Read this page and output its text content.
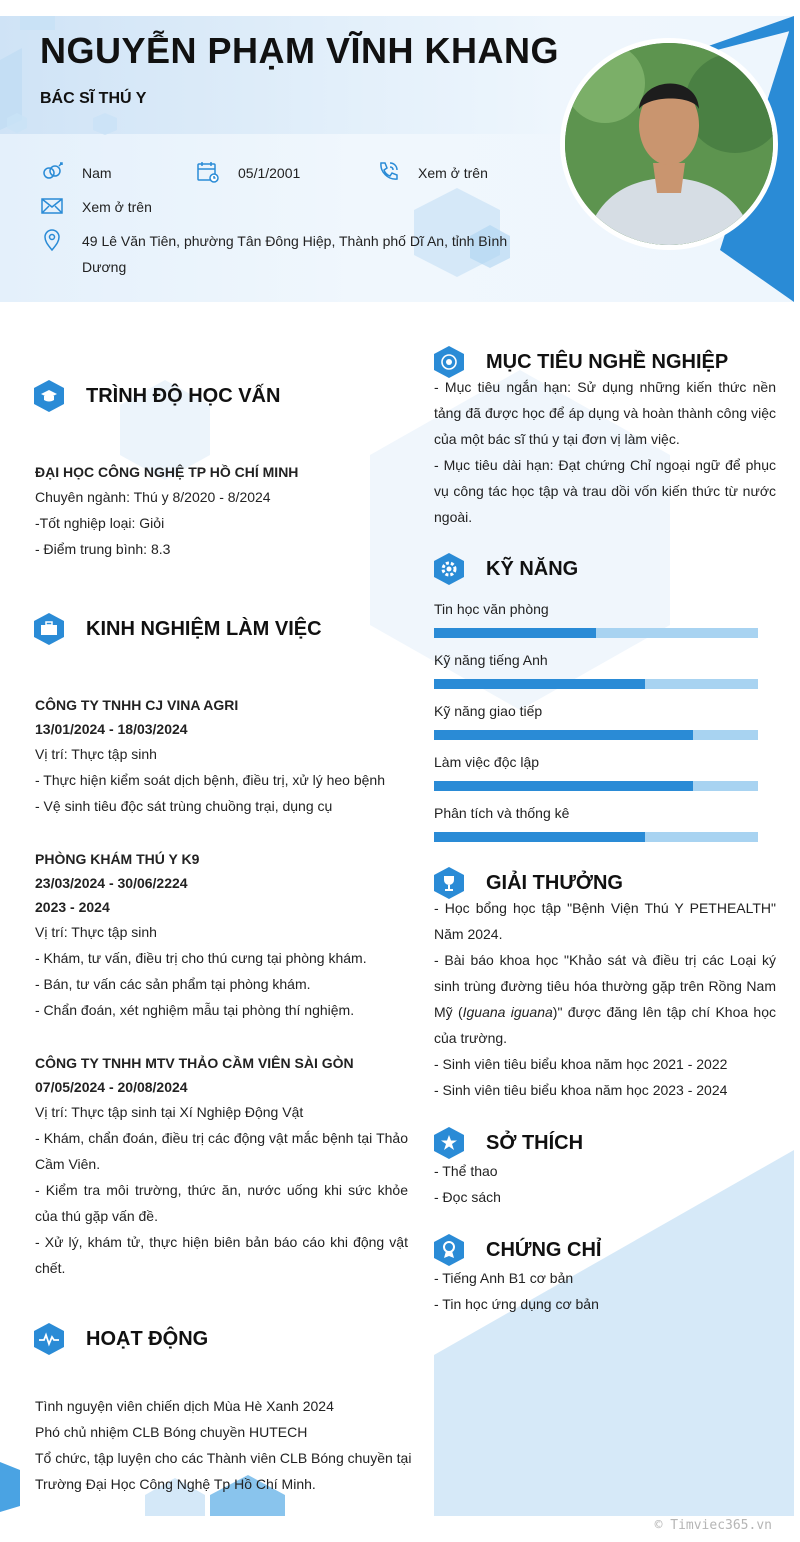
NGUYỄN PHẠM VĨNH KHANG
BÁC SĨ THÚ Y
Nam	05/1/2001	Xem ở trên
Xem ở trên
49 Lê Văn Tiên, phường Tân Đông Hiệp, Thành phố Dĩ An, tỉnh Bình Dương
TRÌNH ĐỘ HỌC VẤN
ĐẠI HỌC CÔNG NGHỆ TP HỒ CHÍ MINH
Chuyên ngành: Thú y 8/2020 - 8/2024
-Tốt nghiệp loại: Giỏi
- Điểm trung bình: 8.3
KINH NGHIỆM LÀM VIỆC
CÔNG TY TNHH CJ VINA AGRI
13/01/2024 - 18/03/2024
Vị trí: Thực tập sinh
- Thực hiện kiểm soát dịch bệnh, điều trị, xử lý heo bệnh
- Vệ sinh tiêu độc sát trùng chuồng trại, dụng cụ
PHÒNG KHÁM THÚ Y K9
23/03/2024 - 30/06/2224
2023 - 2024
Vị trí: Thực tập sinh
- Khám, tư vấn, điều trị cho thú cưng tại phòng khám.
- Bán, tư vấn các sản phẩm tại phòng khám.
- Chẩn đoán, xét nghiệm mẫu tại phòng thí nghiệm.
CÔNG TY TNHH MTV THẢO CẦM VIÊN SÀI GÒN
07/05/2024 - 20/08/2024
Vị trí: Thực tập sinh tại Xí Nghiệp Động Vật
- Khám, chẩn đoán, điều trị các động vật mắc bệnh tại Thảo Cầm Viên.
- Kiểm tra môi trường, thức ăn, nước uống khi sức khỏe của thú gặp vấn đề.
- Xử lý, khám tử, thực hiện biên bản báo cáo khi động vật chết.
HOẠT ĐỘNG
Tình nguyện viên chiến dịch Mùa Hè Xanh 2024
Phó chủ nhiệm CLB Bóng chuyền HUTECH
Tổ chức, tập luyện cho các Thành viên CLB Bóng chuyền tại Trường Đại Học Công Nghệ Tp Hồ Chí Minh.
MỤC TIÊU NGHỀ NGHIỆP
- Mục tiêu ngắn hạn: Sử dụng những kiến thức nền tảng đã được học để áp dụng và hoàn thành công việc của một bác sĩ thú y tại đơn vị làm việc.
- Mục tiêu dài hạn: Đạt chứng Chỉ ngoại ngữ để phục vụ công tác học tập và trau dồi vốn kiến thức từ nước ngoài.
KỸ NĂNG
Tin học văn phòng
Kỹ năng tiếng Anh
Kỹ năng giao tiếp
Làm việc độc lập
Phân tích và thống kê
GIẢI THƯỞNG
- Học bổng học tập "Bệnh Viện Thú Y PETHEALTH" Năm 2024.
- Bài báo khoa học "Khảo sát và điều trị các Loại ký sinh trùng đường tiêu hóa thường gặp trên Rồng Nam Mỹ (Iguana iguana)" được đăng lên tập chí Khoa học của trường.
- Sinh viên tiêu biểu khoa năm học 2021 - 2022
- Sinh viên tiêu biểu khoa năm học 2023 - 2024
SỞ THÍCH
- Thể thao
- Đọc sách
CHỨNG CHỈ
- Tiếng Anh B1 cơ bản
- Tin học ứng dụng cơ bản
© Timviec365.vn
